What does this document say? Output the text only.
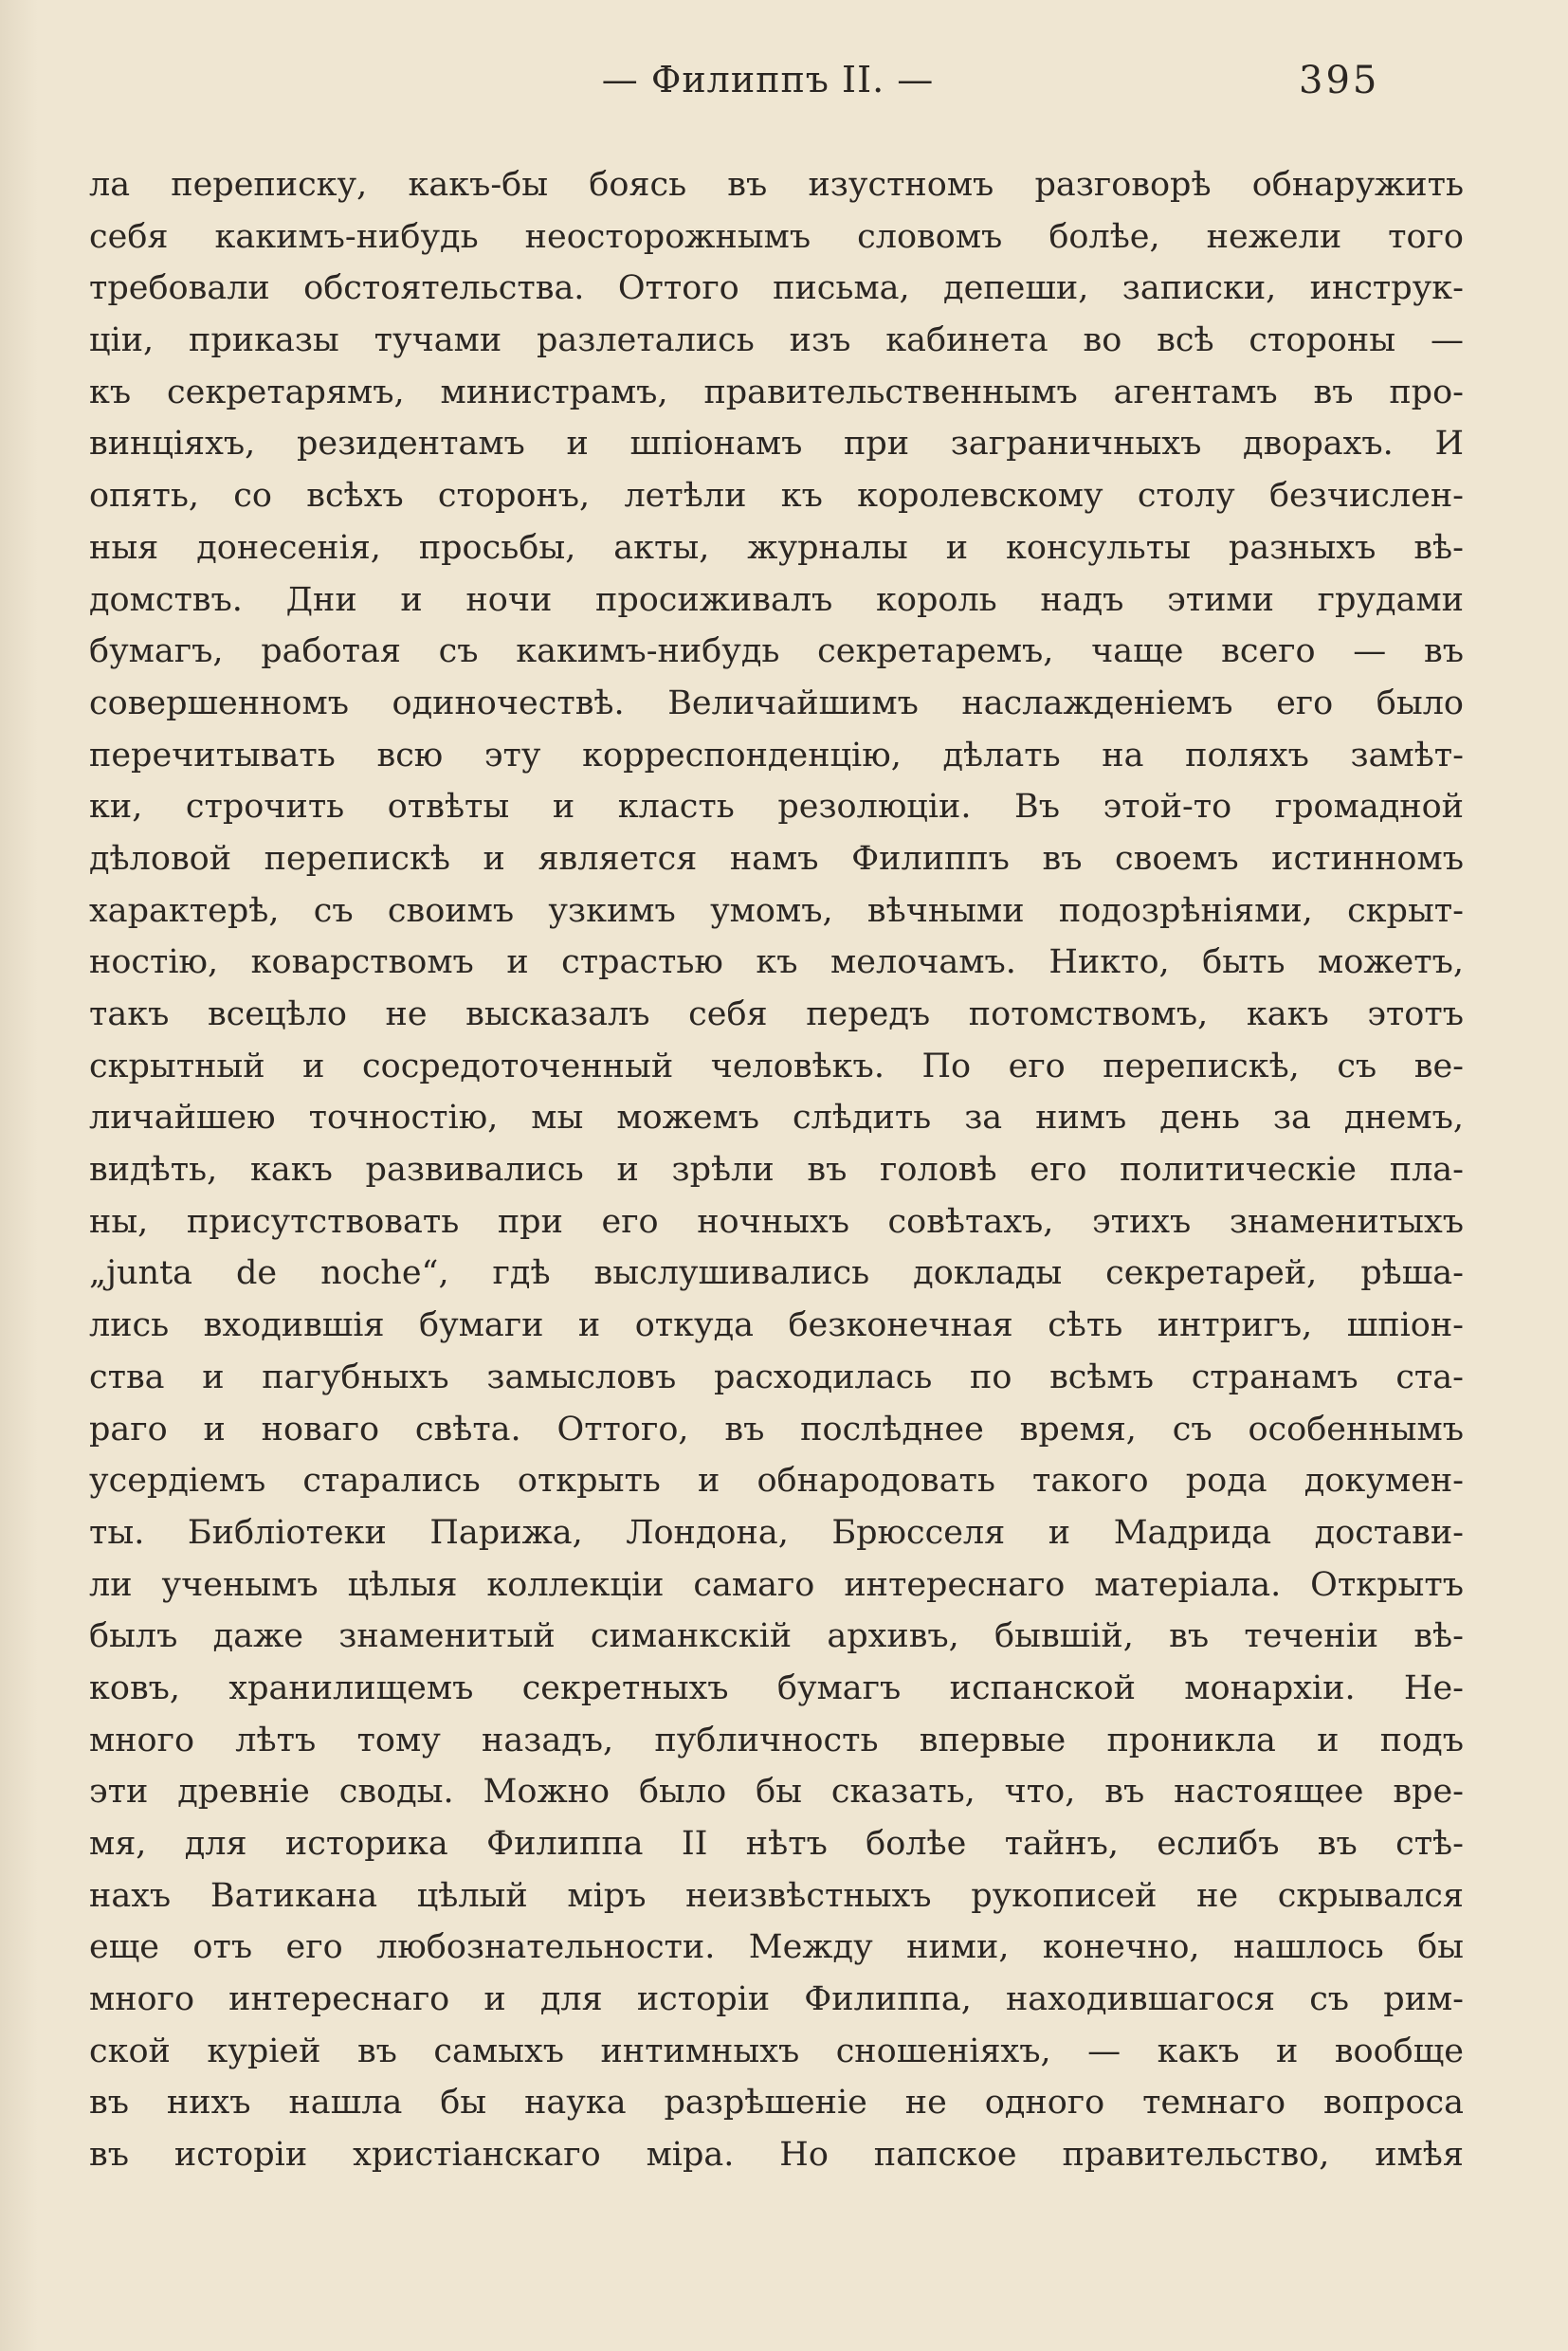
— Филиппъ II. —	395
ла переписку, какъ-бы боясь въ изустномъ разговорѣ обнаружить
себя какимъ-нибудь неосторожнымъ словомъ болѣе, нежели того
требовали обстоятельства. Оттого письма, депеши, записки, инструк-
ціи, приказы тучами разлетались изъ кабинета во всѣ стороны —
къ секретарямъ, министрамъ, правительственнымъ агентамъ въ про-
винціяхъ, резидентамъ и шпіонамъ при заграничныхъ дворахъ. И
опять, со всѣхъ сторонъ, летѣли къ королевскому столу безчислен-
ныя донесенія, просьбы, акты, журналы и консульты разныхъ вѣ-
домствъ. Дни и ночи просиживалъ король надъ этими грудами
бумагъ, работая съ какимъ-нибудь секретаремъ, чаще всего — въ
совершенномъ одиночествѣ. Величайшимъ наслажденіемъ его было
перечитывать всю эту корреспонденцію, дѣлать на поляхъ замѣт-
ки, строчить отвѣты и класть резолюціи. Въ этой-то громадной
дѣловой перепискѣ и является намъ Филиппъ въ своемъ истинномъ
характерѣ, съ своимъ узкимъ умомъ, вѣчными подозрѣніями, скрыт-
ностію, коварствомъ и страстью къ мелочамъ. Никто, быть можетъ,
такъ всецѣло не высказалъ себя передъ потомствомъ, какъ этотъ
скрытный и сосредоточенный человѣкъ. По его перепискѣ, съ ве-
личайшею точностію, мы можемъ слѣдить за нимъ день за днемъ,
видѣть, какъ развивались и зрѣли въ головѣ его политическіе пла-
ны, присутствовать при его ночныхъ совѣтахъ, этихъ знаменитыхъ
„junta de noche“, гдѣ выслушивались доклады секретарей, рѣша-
лись входившія бумаги и откуда безконечная сѣть интригъ, шпіон-
ства и пагубныхъ замысловъ расходилась по всѣмъ странамъ ста-
раго и новаго свѣта. Оттого, въ послѣднее время, съ особеннымъ
усердіемъ старались открыть и обнародовать такого рода докумен-
ты. Библіотеки Парижа, Лондона, Брюсселя и Мадрида достави-
ли ученымъ цѣлыя коллекціи самаго интереснаго матеріала. Открытъ
былъ даже знаменитый симанкскій архивъ, бывшій, въ теченіи вѣ-
ковъ, хранилищемъ секретныхъ бумагъ испанской монархіи. Не-
много лѣтъ тому назадъ, публичность впервые проникла и подъ
эти древніе своды. Можно было бы сказать, что, въ настоящее вре-
мя, для историка Филиппа II нѣтъ болѣе тайнъ, еслибъ въ стѣ-
нахъ Ватикана цѣлый міръ неизвѣстныхъ рукописей не скрывался
еще отъ его любознательности. Между ними, конечно, нашлось бы
много интереснаго и для исторіи Филиппа, находившагося съ рим-
ской куріей въ самыхъ интимныхъ сношеніяхъ, — какъ и вообще
въ нихъ нашла бы наука разрѣшеніе не одного темнаго вопроса
въ исторіи христіанскаго міра. Но папское правительство, имѣя
